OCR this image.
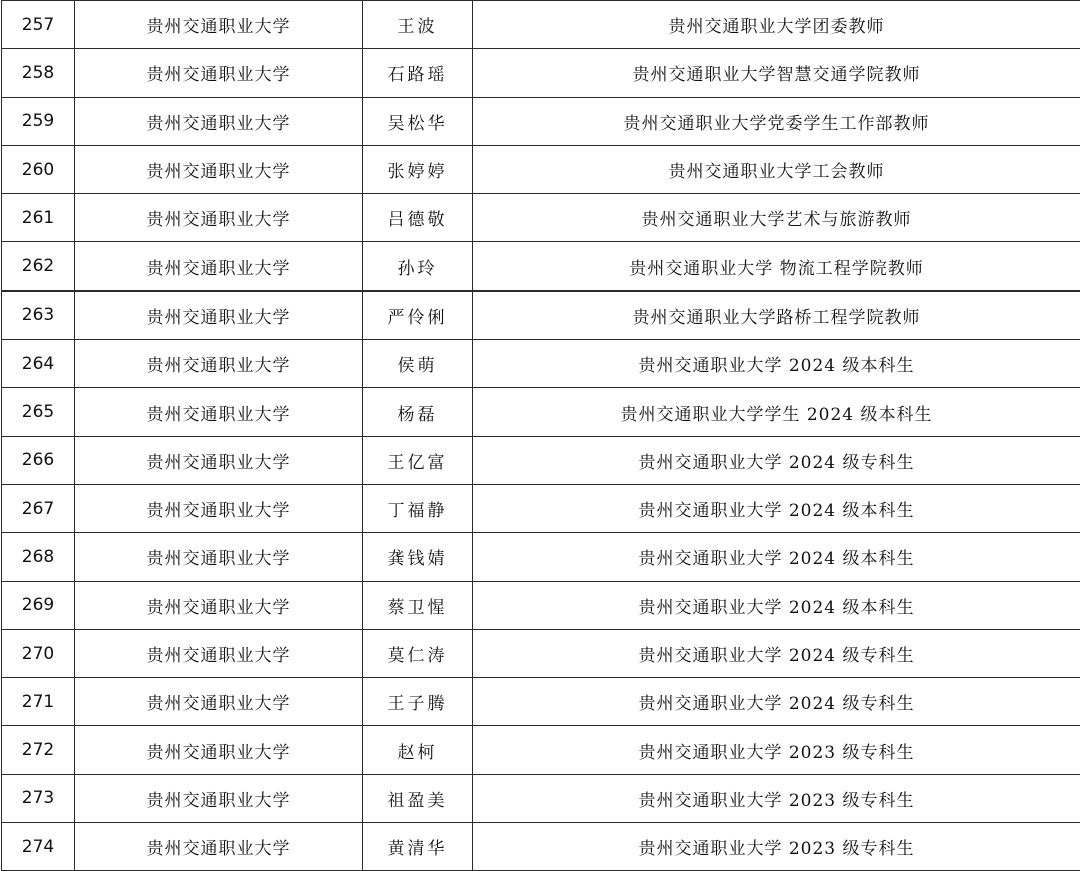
257	贵州交通职业大学	王波	贵州交通职业大学团委教师
258	贵州交通职业大学	石路瑶	贵州交通职业大学智慧交通学院教师
259	贵州交通职业大学	吴松华	贵州交通职业大学党委学生工作部教师
260	贵州交通职业大学	张婷婷	贵州交通职业大学工会教师
261	贵州交通职业大学	吕德敬	贵州交通职业大学艺术与旅游教师
262	贵州交通职业大学	孙玲	贵州交通职业大学 物流工程学院教师
263	贵州交通职业大学	严伶俐	贵州交通职业大学路桥工程学院教师
264	贵州交通职业大学	侯萌	贵州交通职业大学 2024 级本科生
265	贵州交通职业大学	杨磊	贵州交通职业大学学生 2024 级本科生
266	贵州交通职业大学	王亿富	贵州交通职业大学 2024 级专科生
267	贵州交通职业大学	丁福静	贵州交通职业大学 2024 级本科生
268	贵州交通职业大学	龚钱婧	贵州交通职业大学 2024 级本科生
269	贵州交通职业大学	蔡卫惺	贵州交通职业大学 2024 级本科生
270	贵州交通职业大学	莫仁涛	贵州交通职业大学 2024 级专科生
271	贵州交通职业大学	王子腾	贵州交通职业大学 2024 级专科生
272	贵州交通职业大学	赵柯	贵州交通职业大学 2023 级专科生
273	贵州交通职业大学	祖盈美	贵州交通职业大学 2023 级专科生
274	贵州交通职业大学	黄清华	贵州交通职业大学 2023 级专科生
